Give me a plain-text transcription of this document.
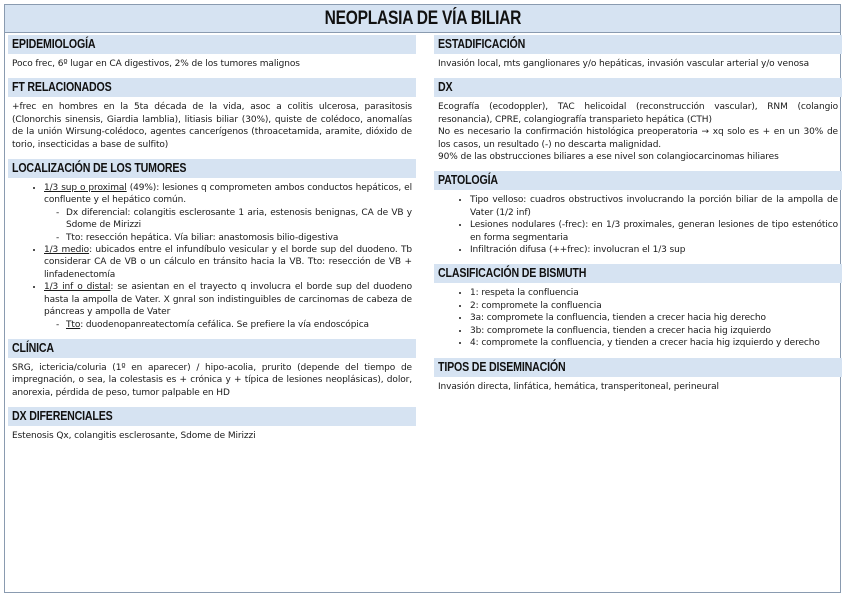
NEOPLASIA DE VÍA BILIAR
EPIDEMIOLOGÍA
Poco frec, 6º lugar en CA digestivos, 2% de los tumores malignos
FT RELACIONADOS
+frec en hombres en la 5ta década de la vida, asoc a colitis ulcerosa, parasitosis (Clonorchis sinensis, Giardia lamblia), litiasis biliar (30%), quiste de colédoco, anomalías de la unión Wirsung-colédoco, agentes cancerígenos (throacetamida, aramite, dióxido de torio, insecticidas a base de sulfito)
LOCALIZACIÓN DE LOS TUMORES
• 1/3 sup o proximal (49%): lesiones q comprometen ambos conductos hepáticos, el confluente y el hepático común.
- Dx diferencial: colangitis esclerosante 1 aria, estenosis benignas, CA de VB y Sdome de Mirizzi
- Tto: resección hepática. Vía biliar: anastomosis bilio-digestiva
• 1/3 medio: ubicados entre el infundíbulo vesicular y el borde sup del duodeno. Tb considerar CA de VB o un cálculo en tránsito hacia la VB. Tto: resección de VB + linfadenectomía
• 1/3 inf o distal: se asientan en el trayecto q involucra el borde sup del duodeno hasta la ampolla de Vater. X gnral son indistinguibles de carcinomas de cabeza de páncreas y ampolla de Vater
- Tto: duodenopanreatectomía cefálica. Se prefiere la vía endoscópica
CLÍNICA
SRG, ictericia/coluria (1º en aparecer) / hipo-acolia, prurito (depende del tiempo de impregnación, o sea, la colestasis es + crónica y + típica de lesiones neoplásicas), dolor, anorexia, pérdida de peso, tumor palpable en HD
DX DIFERENCIALES
Estenosis Qx, colangitis esclerosante, Sdome de Mirizzi
ESTADIFICACIÓN
Invasión local, mts ganglionares y/o hepáticas, invasión vascular arterial y/o venosa
DX
Ecografía (ecodoppler), TAC helicoidal (reconstrucción vascular), RNM (colangio resonancia), CPRE, colangiografía transparieto hepática (CTH)
No es necesario la confirmación histológica preoperatoria → xq solo es + en un 30% de los casos, un resultado (-) no descarta malignidad.
90% de las obstrucciones biliares a ese nivel son colangiocarcinomas hiliares
PATOLOGÍA
• Tipo velloso: cuadros obstructivos involucrando la porción biliar de la ampolla de Vater (1/2 inf)
• Lesiones nodulares (-frec): en 1/3 proximales, generan lesiones de tipo estenótico en forma segmentaria
• Infiltración difusa (++frec): involucran el 1/3 sup
CLASIFICACIÓN DE BISMUTH
• 1: respeta la confluencia
• 2: compromete la confluencia
• 3a: compromete la confluencia, tienden a crecer hacia hig derecho
• 3b: compromete la confluencia, tienden a crecer hacia hig izquierdo
• 4: compromete la confluencia, y tienden a crecer hacia hig izquierdo y derecho
TIPOS DE DISEMINACIÓN
Invasión directa, linfática, hemática, transperitoneal, perineural
